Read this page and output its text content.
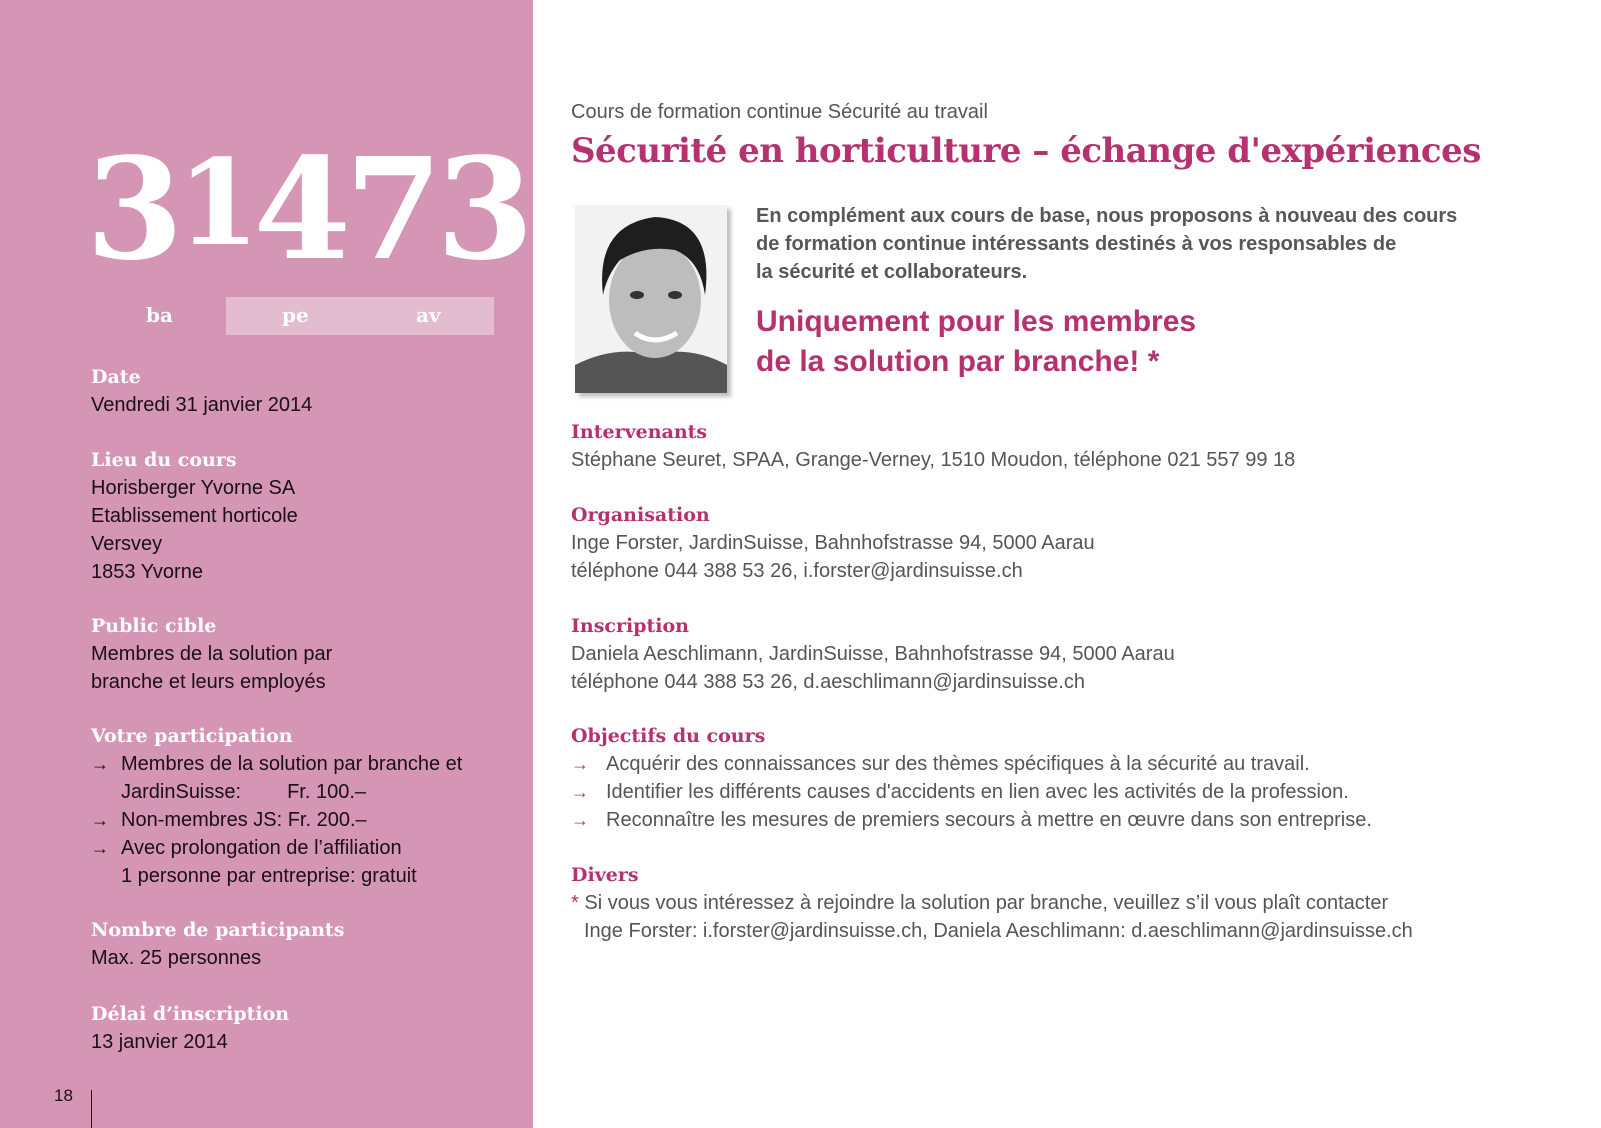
31473
ba	pe	av
Date
Vendredi 31 janvier 2014
Lieu du cours
Horisberger Yvorne SA
Etablissement horticole
Versvey
1853 Yvorne
Public cible
Membres de la solution par
branche et leurs employés
Votre participation
→ Membres de la solution par branche et
JardinSuisse: Fr. 100.–
→ Non-membres JS: Fr. 200.–
→ Avec prolongation de l’affiliation
1 personne par entreprise: gratuit
Nombre de participants
Max. 25 personnes
Délai d’inscription
13 janvier 2014
18
Cours de formation continue Sécurité au travail
Sécurité en horticulture – échange d'expériences
En complément aux cours de base, nous proposons à nouveau des cours
de formation continue intéressants destinés à vos responsables de
la sécurité et collaborateurs.
Uniquement pour les membres
de la solution par branche! *
Intervenants
Stéphane Seuret, SPAA, Grange-Verney, 1510 Moudon, téléphone 021 557 99 18
Organisation
Inge Forster, JardinSuisse, Bahnhofstrasse 94, 5000 Aarau
téléphone 044 388 53 26, i.forster@jardinsuisse.ch
Inscription
Daniela Aeschlimann, JardinSuisse, Bahnhofstrasse 94, 5000 Aarau
téléphone 044 388 53 26, d.aeschlimann@jardinsuisse.ch
Objectifs du cours
→ Acquérir des connaissances sur des thèmes spécifiques à la sécurité au travail.
→ Identifier les différents causes d'accidents en lien avec les activités de la profession.
→ Reconnaître les mesures de premiers secours à mettre en œuvre dans son entreprise.
Divers
* Si vous vous intéressez à rejoindre la solution par branche, veuillez s’il vous plaît contacter
Inge Forster: i.forster@jardinsuisse.ch, Daniela Aeschlimann: d.aeschlimann@jardinsuisse.ch
